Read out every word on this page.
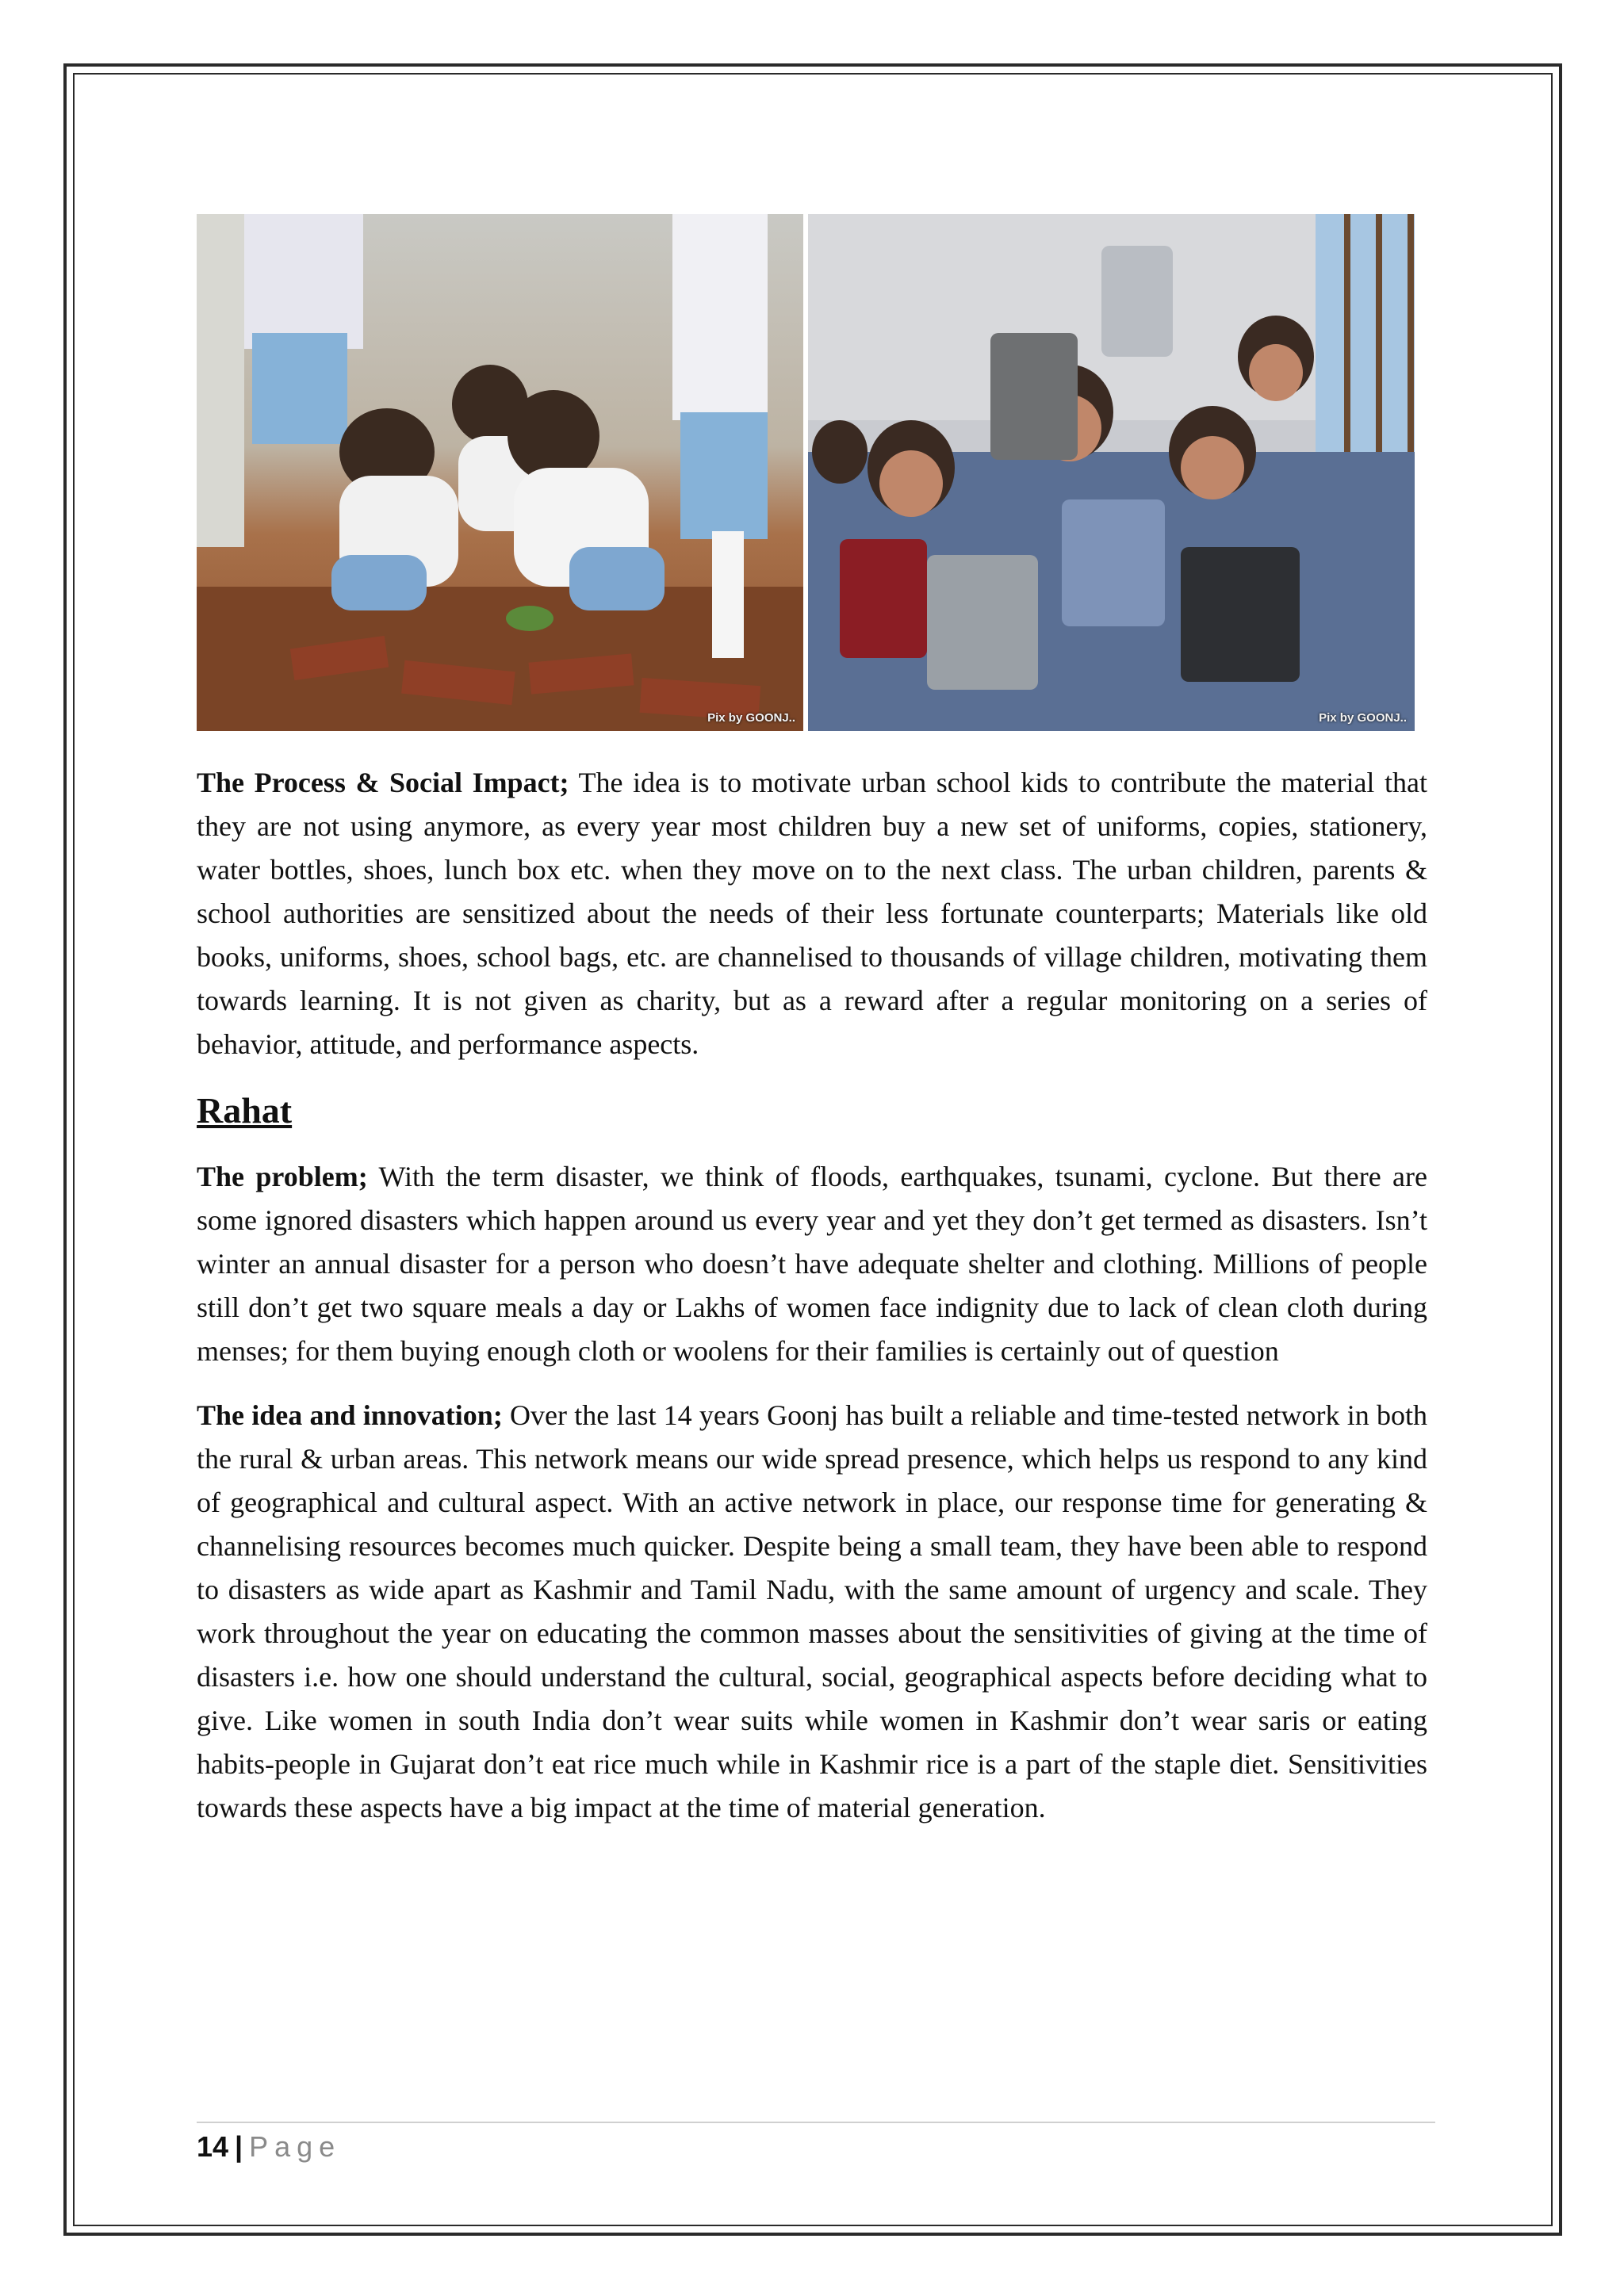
Pix by GOONJ..	Pix by GOONJ..

The Process & Social Impact; The idea is to motivate urban school kids to contribute the material that they are not using anymore, as every year most children buy a new set of uniforms, copies, stationery, water bottles, shoes, lunch box etc. when they move on to the next class. The urban children, parents & school authorities are sensitized about the needs of their less fortunate counterparts; Materials like old books, uniforms, shoes, school bags, etc. are channelised to thousands of village children, motivating them towards learning. It is not given as charity, but as a reward after a regular monitoring on a series of behavior, attitude, and performance aspects.

Rahat

The problem; With the term disaster, we think of floods, earthquakes, tsunami, cyclone. But there are some ignored disasters which happen around us every year and yet they don’t get termed as disasters. Isn’t winter an annual disaster for a person who doesn’t have adequate shelter and clothing. Millions of people still don’t get two square meals a day or Lakhs of women face indignity due to lack of clean cloth during menses; for them buying enough cloth or woolens for their families is certainly out of question

The idea and innovation; Over the last 14 years Goonj has built a reliable and time-tested network in both the rural & urban areas. This network means our wide spread presence, which helps us respond to any kind of geographical and cultural aspect. With an active network in place, our response time for generating & channelising resources becomes much quicker. Despite being a small team, they have been able to respond to disasters as wide apart as Kashmir and Tamil Nadu, with the same amount of urgency and scale. They work throughout the year on educating the common masses about the sensitivities of giving at the time of disasters i.e. how one should understand the cultural, social, geographical aspects before deciding what to give. Like women in south India don’t wear suits while women in Kashmir don’t wear saris or eating habits-people in Gujarat don’t eat rice much while in Kashmir rice is a part of the staple diet. Sensitivities towards these aspects have a big impact at the time of material generation.

14 | Page
